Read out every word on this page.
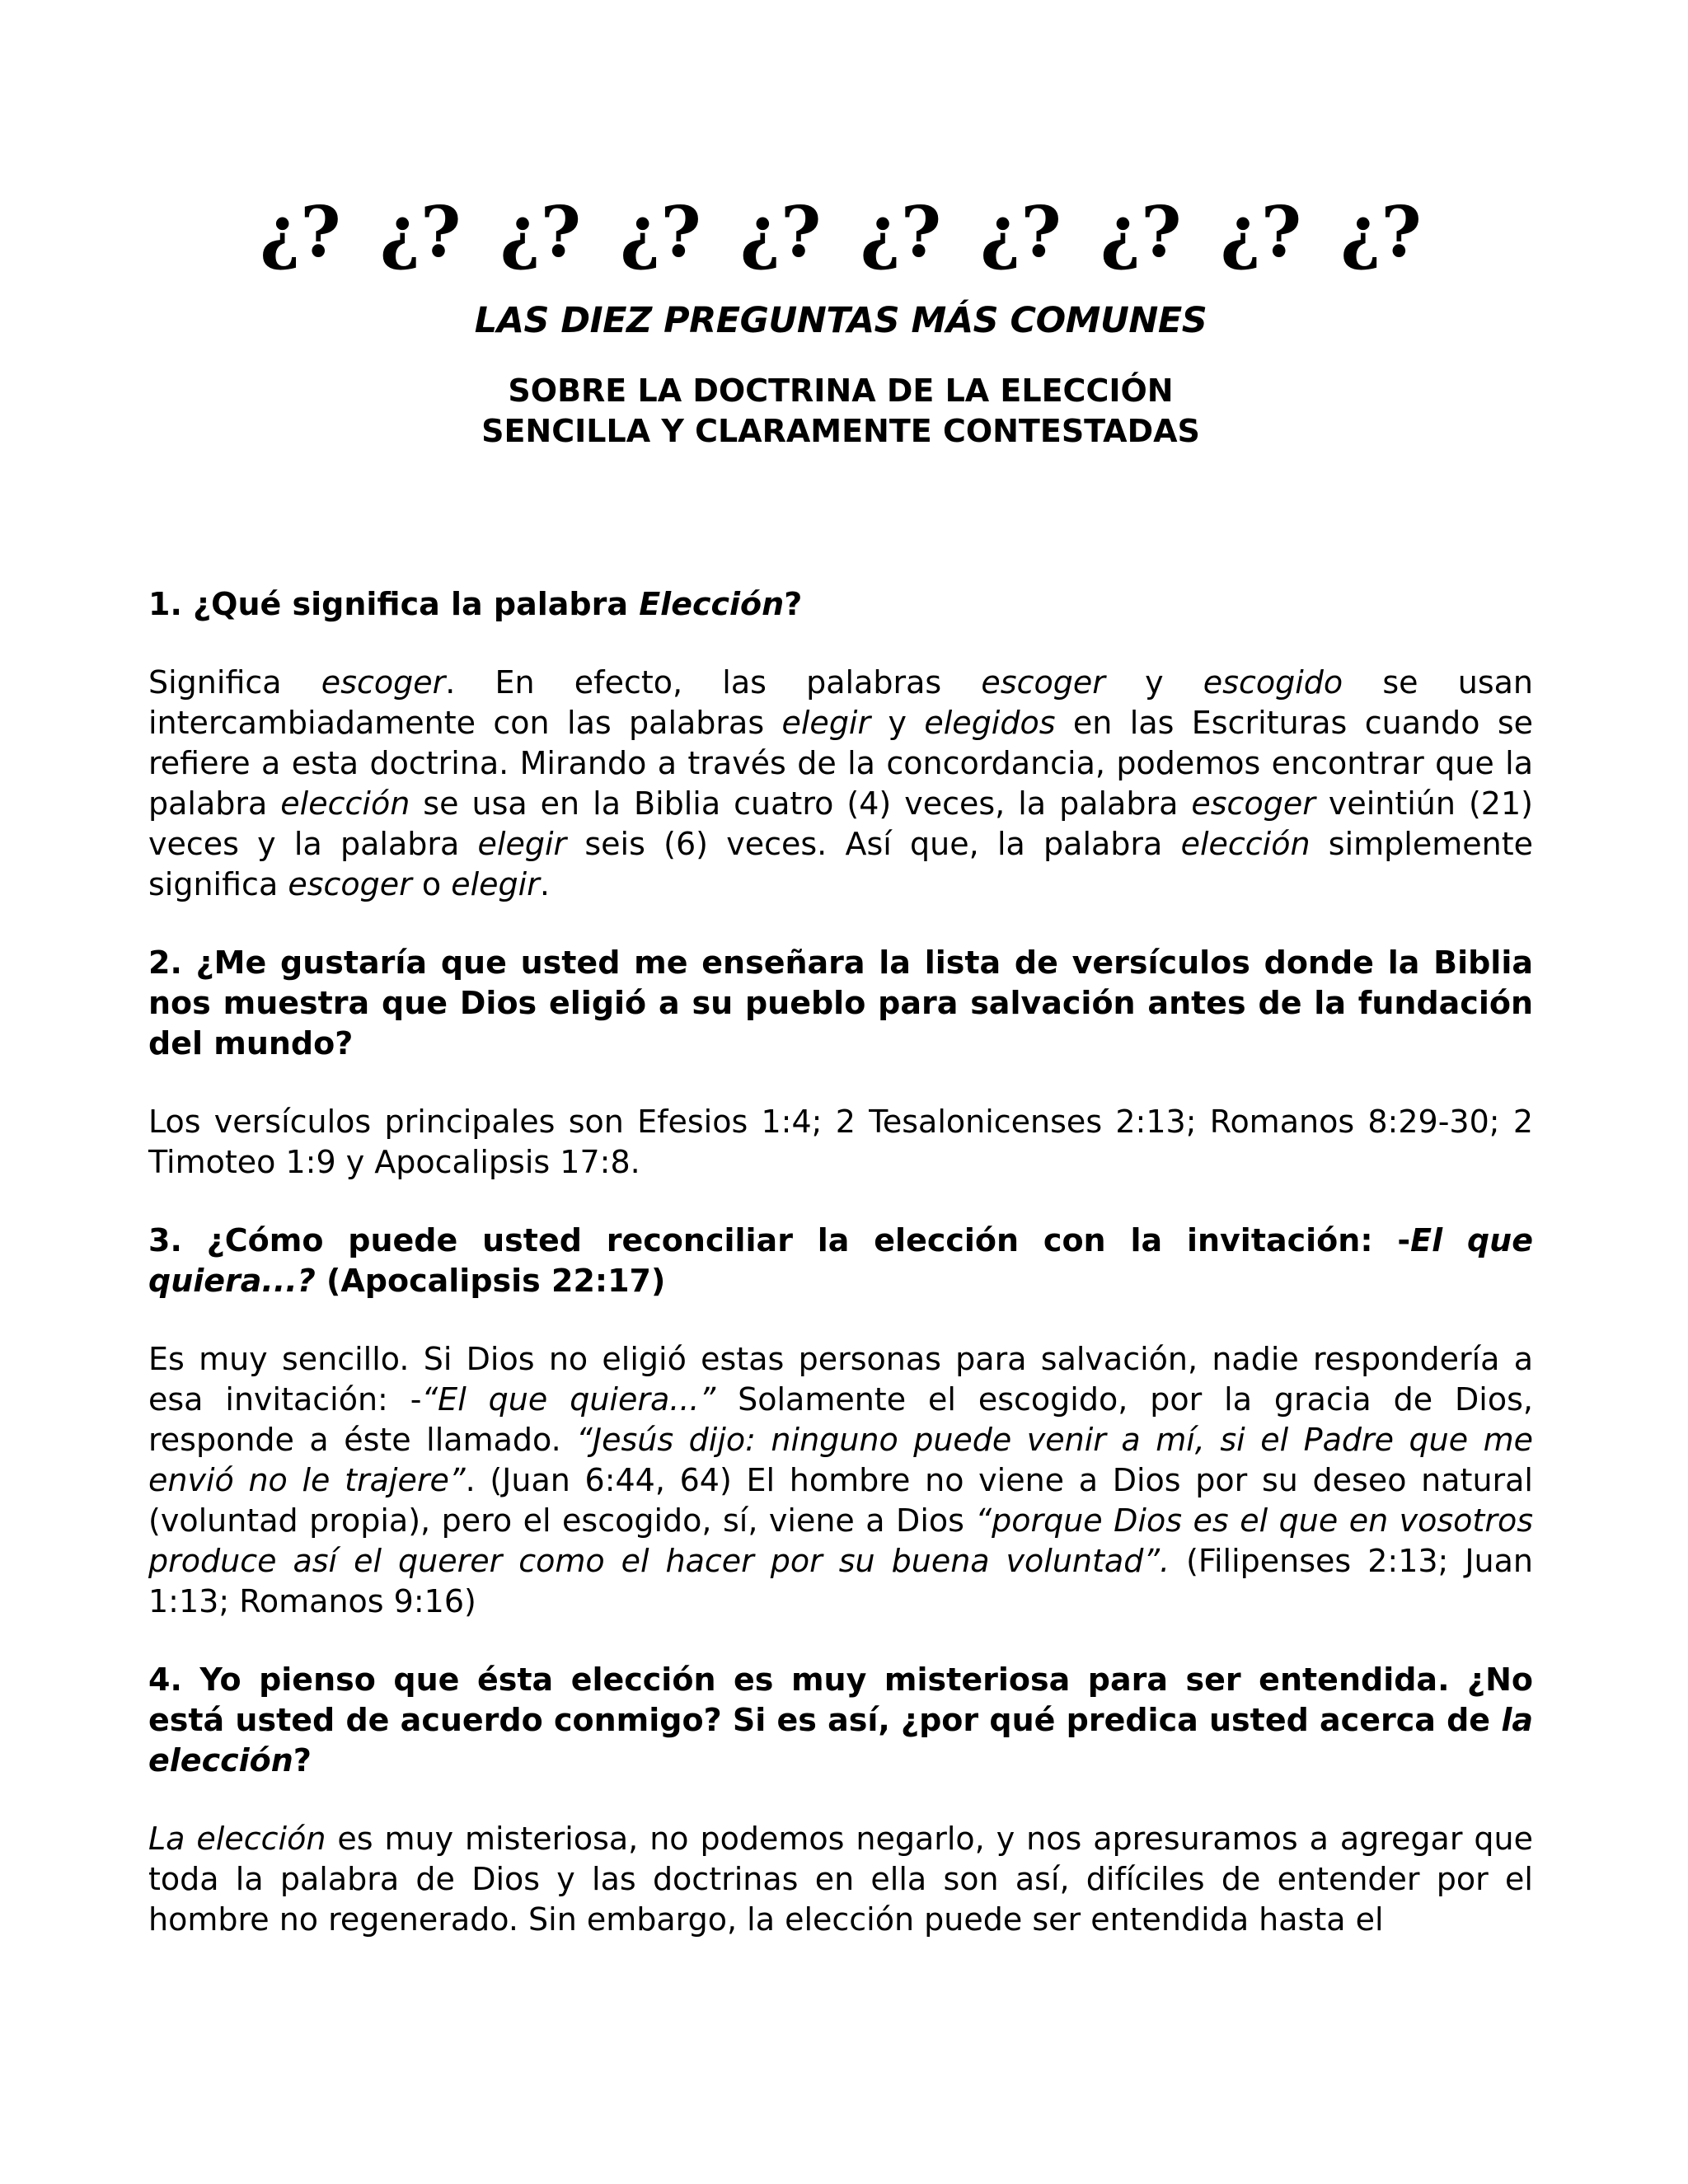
¿? ¿? ¿? ¿? ¿? ¿? ¿? ¿? ¿? ¿?
LAS DIEZ PREGUNTAS MÁS COMUNES
SOBRE LA DOCTRINA DE LA ELECCIÓN
SENCILLA Y CLARAMENTE CONTESTADAS

1. ¿Qué significa la palabra Elección?

Significa escoger. En efecto, las palabras escoger y escogido se usan intercambiadamente con las palabras elegir y elegidos en las Escrituras cuando se refiere a esta doctrina. Mirando a través de la concordancia, podemos encontrar que la palabra elección se usa en la Biblia cuatro (4) veces, la palabra escoger veintiún (21) veces y la palabra elegir seis (6) veces. Así que, la palabra elección simplemente significa escoger o elegir.

2. ¿Me gustaría que usted me enseñara la lista de versículos donde la Biblia nos muestra que Dios eligió a su pueblo para salvación antes de la fundación del mundo?

Los versículos principales son Efesios 1:4; 2 Tesalonicenses 2:13; Romanos 8:29-30; 2 Timoteo 1:9 y Apocalipsis 17:8.

3. ¿Cómo puede usted reconciliar la elección con la invitación: -El que quiera...? (Apocalipsis 22:17)

Es muy sencillo. Si Dios no eligió estas personas para salvación, nadie respondería a esa invitación: -“El que quiera...” Solamente el escogido, por la gracia de Dios, responde a éste llamado. “Jesús dijo: ninguno puede venir a mí, si el Padre que me envió no le trajere”. (Juan 6:44, 64) El hombre no viene a Dios por su deseo natural (voluntad propia), pero el escogido, sí, viene a Dios “porque Dios es el que en vosotros produce así el querer como el hacer por su buena voluntad”. (Filipenses 2:13; Juan 1:13; Romanos 9:16)

4. Yo pienso que ésta elección es muy misteriosa para ser entendida. ¿No está usted de acuerdo conmigo? Si es así, ¿por qué predica usted acerca de la elección?

La elección es muy misteriosa, no podemos negarlo, y nos apresuramos a agregar que toda la palabra de Dios y las doctrinas en ella son así, difíciles de entender por el hombre no regenerado. Sin embargo, la elección puede ser entendida hasta el
